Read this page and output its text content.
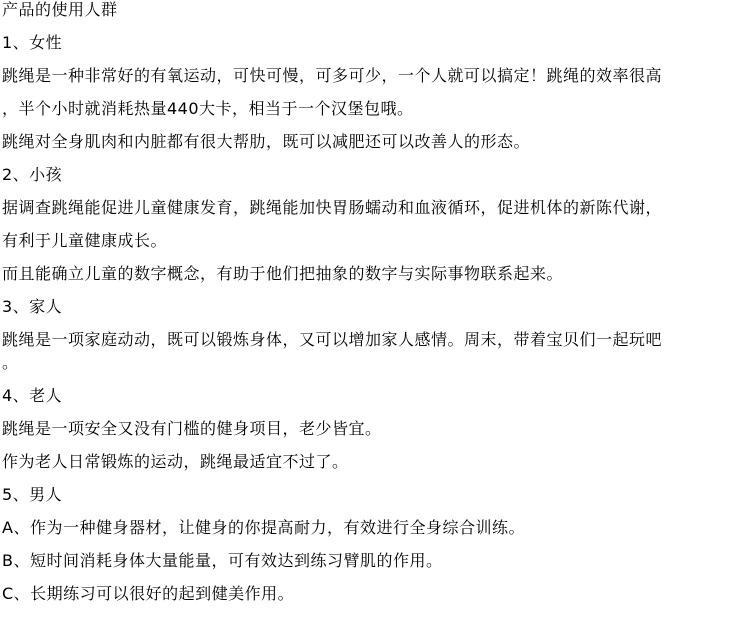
产品的使用人群
1、女性
跳绳是一种非常好的有氧运动，可快可慢，可多可少，一个人就可以搞定！跳绳的效率很高
，半个小时就消耗热量440大卡，相当于一个汉堡包哦。
跳绳对全身肌肉和内脏都有很大帮肋，既可以减肥还可以改善人的形态。
2、小孩
据调查跳绳能促进儿童健康发育，跳绳能加快胃肠蠕动和血液循环，促进机体的新陈代谢，
有利于儿童健康成长。
而且能确立儿童的数字概念，有助于他们把抽象的数字与实际事物联系起来。
3、家人
跳绳是一项家庭动动，既可以锻炼身体，又可以增加家人感情。周末，带着宝贝们一起玩吧
。
4、老人
跳绳是一项安全又没有门槛的健身项目，老少皆宜。
作为老人日常锻炼的运动，跳绳最适宜不过了。
5、男人
A、作为一种健身器材，让健身的你提高耐力，有效进行全身综合训练。
B、短时间消耗身体大量能量，可有效达到练习臂肌的作用。
C、长期练习可以很好的起到健美作用。
